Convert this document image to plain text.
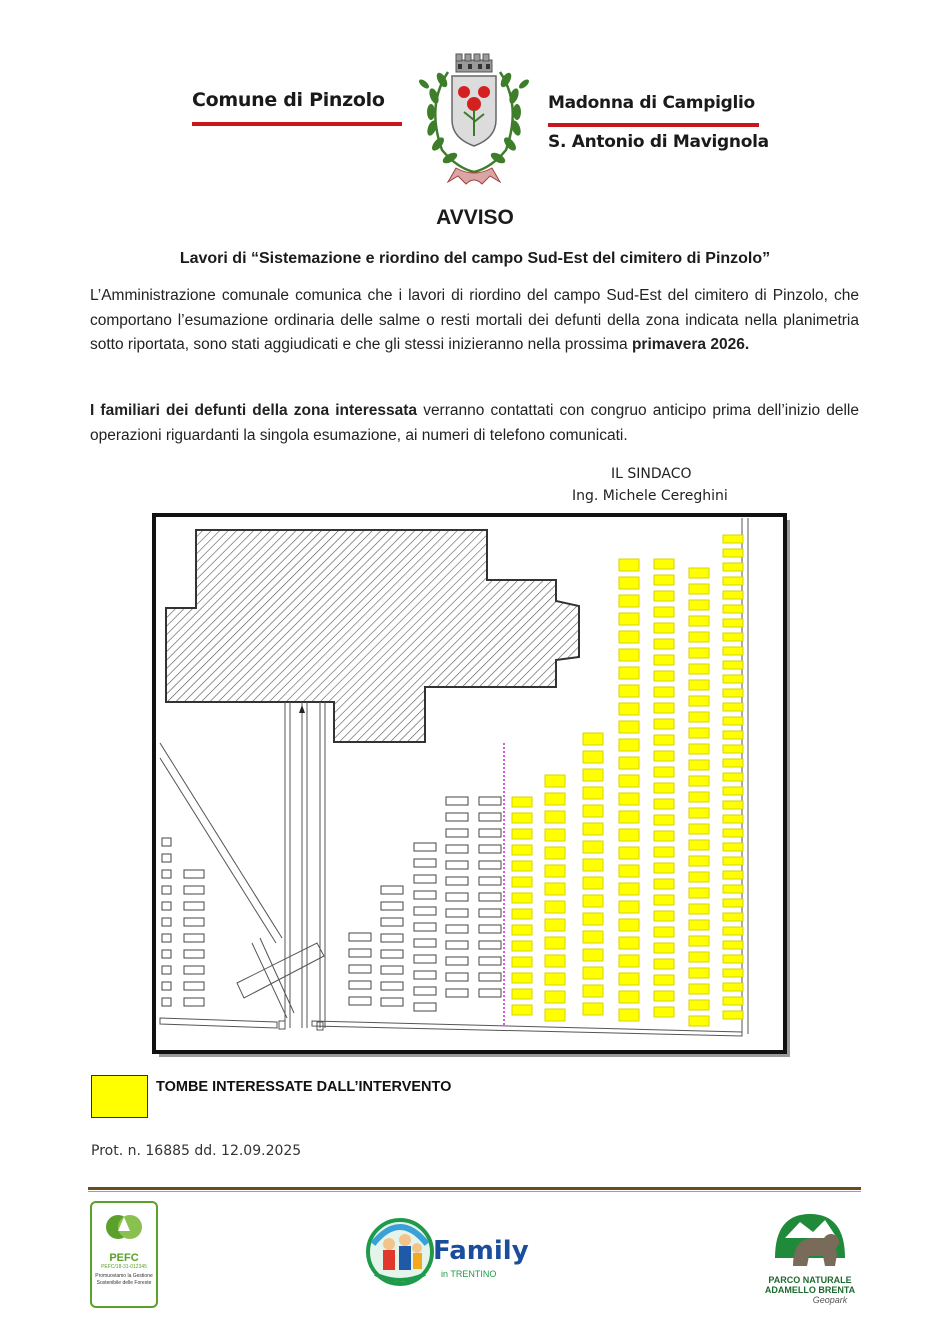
Comune di Pinzolo	Madonna di Campiglio
S. Antonio di Mavignola
AVVISO
Lavori di “Sistemazione e riordino del campo Sud-Est del cimitero di Pinzolo”
L’Amministrazione comunale comunica che i lavori di riordino del campo Sud-Est del cimitero di Pinzolo, che comportano l’esumazione ordinaria delle salme o resti mortali dei defunti della zona indicata nella planimetria sotto riportata, sono stati aggiudicati e che gli stessi inizieranno nella prossima primavera 2026.
I familiari dei defunti della zona interessata verranno contattati con congruo anticipo prima dell’inizio delle operazioni riguardanti la singola esumazione, ai numeri di telefono comunicati.
IL SINDACO
Ing. Michele Cereghini
TOMBE INTERESSATE DALL’INTERVENTO
Prot. n. 16885 dd. 12.09.2025
PEFC
PEFC/18-31-012345
Promuoviamo la Gestione Sostenibile delle Foreste
Family
in TRENTINO
PARCO NATURALE
ADAMELLO BRENTA
Geopark
